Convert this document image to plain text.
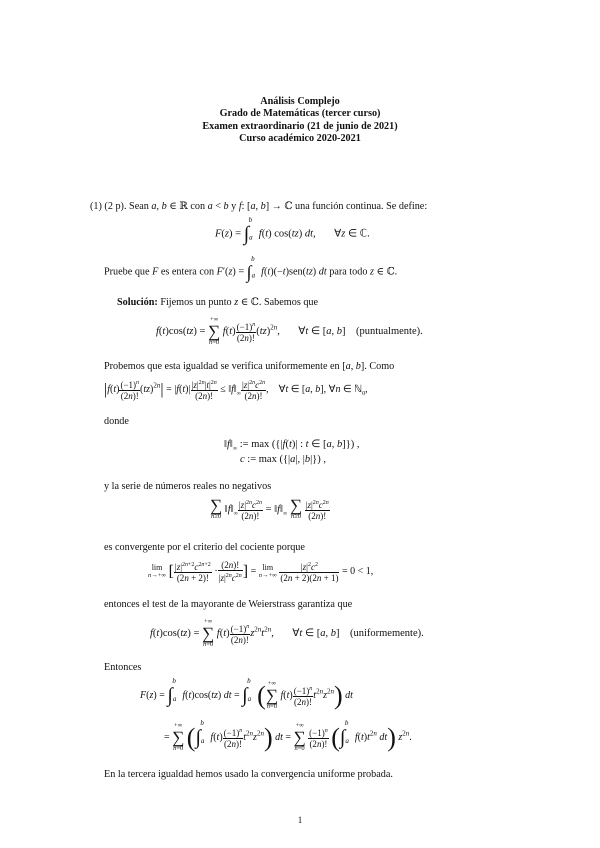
Análisis Complejo
Grado de Matemáticas (tercer curso)
Examen extraordinario (21 de junio de 2021)
Curso académico 2020-2021
(1) (2 p). Sean a, b ∈ ℝ con a < b y f: [a, b] → ℂ una función continua. Se define:
$F(z) = \int_a^b$ f(t) cos(tz) dt,       ∀z ∈ ℂ.
Pruebe que F es entera con $F'(z) = \int_a^b$ f(t)(−t)sen(tz) dt para todo z ∈ ℂ.
Solución: Fijemos un punto z ∈ ℂ. Sabemos que
f(t)cos(tz) =
+∞
∑
n=0
$f(t) \frac{(-1)^n}{(2n)!} (tz)^{2n}$,       ∀t ∈ [a, b]    (puntualmente).
Probemos que esta igualdad se verifica uniformemente en [a, b]. Como
$|f(t) \frac{(-1)^n}{(2n)!} (tz)^{2n}| = |f(t)| \frac{|z|^{2n}|t|^{2n}}{(2n)!}$ ≤ $‖f‖_\infty \frac{|z|^{2n}c^{2n}}{(2n)!}$ ,    ∀t ∈ [a, b], ∀n ∈ ℕ$_0$,
donde
$‖f‖_\infty$ := max ({|f(t)| : t ∈ [a, b]}) ,
c := max ({|a|, |b|}) ,
y la serie de números reales no negativos
∑
n≥0
$‖f‖_\infty \frac{|z|^{2n}c^{2n}}{(2n)!}$ = $‖f‖_\infty$ ∑
n≥0
$\frac{|z|^{2n}c^{2n}}{(2n)!}$
es convergente por el criterio del cociente porque
lim
n→+∞ [ $\frac{|z|^{2n+2}c^{2n+2}}{(2n + 2)!} \cdot \frac{(2n)!}{|z|^{2n}c^{2n}}$ ] = lim
n→+∞
$\frac{|z|^2c^2}{(2n + 2)(2n + 1)} = 0 < 1$,
entonces el test de la mayorante de Weierstrass garantiza que
f(t)cos(tz) =
+∞
∑
n=0
$f(t) \frac{(-1)^n}{(2n)!} z^{2n}t^{2n}$,       ∀t ∈ [a, b]    (uniformemente).
Entonces
$F(z) = \int_a^b$ f(t)cos(tz) dt = $\int_a^b$ ( +∞
∑
n=0
$f(t) \frac{(-1)^n}{(2n)!} t^{2n}z^{2n}$) dt
=
+∞
∑
n=0 ($\int_a^b$ $f(t) \frac{(-1)^n}{(2n)!} t^{2n}z^{2n}$) dt =
+∞
∑
n=0
$\frac{(-1)^n}{(2n)!} (\int_a^b$ $f(t)t^{2n}$ dt) $z^{2n}$.
En la tercera igualdad hemos usado la convergencia uniforme probada.
1
